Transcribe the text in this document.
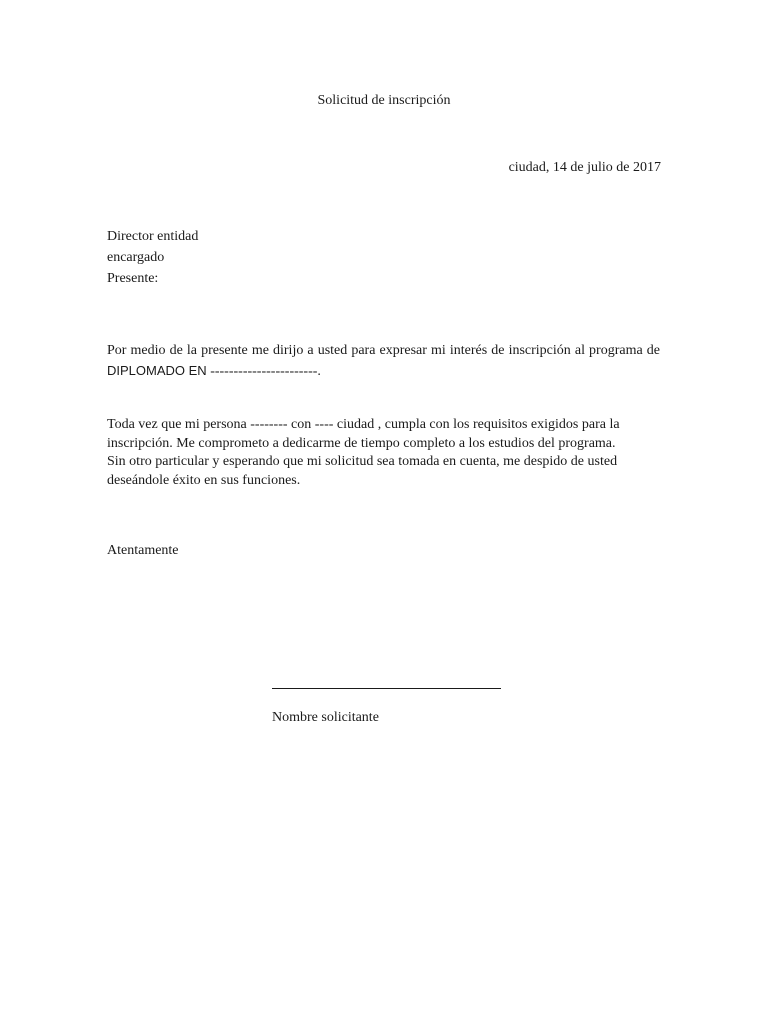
Solicitud de inscripción
ciudad, 14 de julio de 2017
Director entidad
encargado
Presente:
Por medio de la presente me dirijo a usted para expresar mi interés de inscripción al programa de DIPLOMADO EN -----------------------.
Toda vez que mi persona -------- con ---- ciudad , cumpla con los requisitos exigidos para la
inscripción. Me comprometo a dedicarme de tiempo completo a los estudios del programa.
Sin otro particular y esperando que mi solicitud sea tomada en cuenta, me despido de usted
deseándole éxito en sus funciones.
Atentamente
Nombre solicitante
